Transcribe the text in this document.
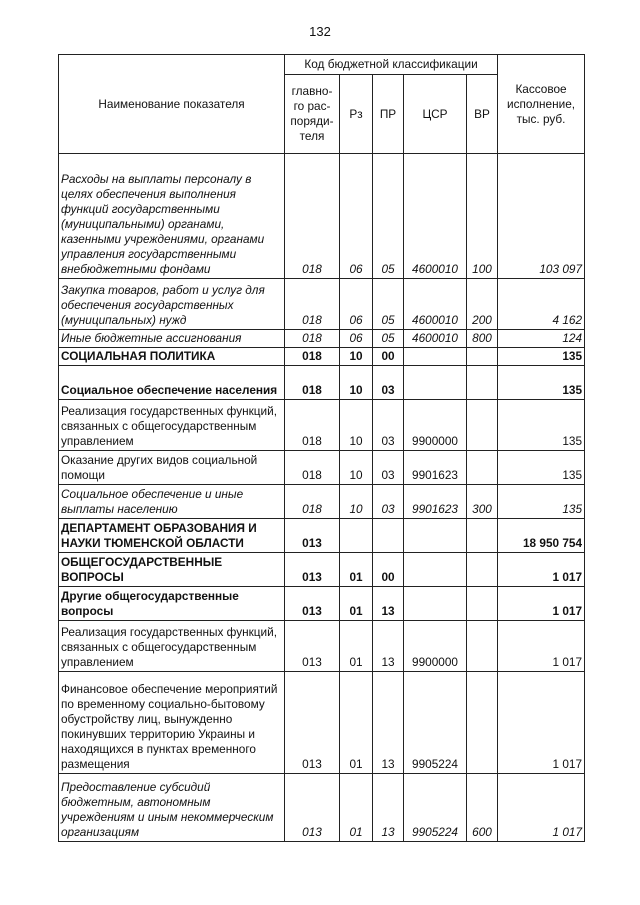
132
Наименование показателя	Код бюджетной классификации					Кассовое исполнение, тыс. руб.
	главно-го рас-поряди-теля	Рз	ПР	ЦСР	ВР	
Расходы на выплаты персоналу в целях обеспечения выполнения функций государственными (муниципальными) органами, казенными учреждениями, органами управления государственными внебюджетными фондами	018	06	05	4600010	100	103 097
Закупка товаров, работ и услуг для обеспечения государственных (муниципальных) нужд	018	06	05	4600010	200	4 162
Иные бюджетные ассигнования	018	06	05	4600010	800	124
СОЦИАЛЬНАЯ ПОЛИТИКА	018	10	00			135
Социальное обеспечение населения	018	10	03			135
Реализация государственных функций, связанных с общегосударственным управлением	018	10	03	9900000		135
Оказание других видов социальной помощи	018	10	03	9901623		135
Социальное обеспечение и иные выплаты населению	018	10	03	9901623	300	135
ДЕПАРТАМЕНТ ОБРАЗОВАНИЯ И НАУКИ ТЮМЕНСКОЙ ОБЛАСТИ	013					18 950 754
ОБЩЕГОСУДАРСТВЕННЫЕ ВОПРОСЫ	013	01	00			1 017
Другие общегосударственные вопросы	013	01	13			1 017
Реализация государственных функций, связанных с общегосударственным управлением	013	01	13	9900000		1 017
Финансовое обеспечение мероприятий по временному социально-бытовому обустройству лиц, вынужденно покинувших территорию Украины и находящихся в пунктах временного размещения	013	01	13	9905224		1 017
Предоставление субсидий бюджетным, автономным учреждениям и иным некоммерческим организациям	013	01	13	9905224	600	1 017
